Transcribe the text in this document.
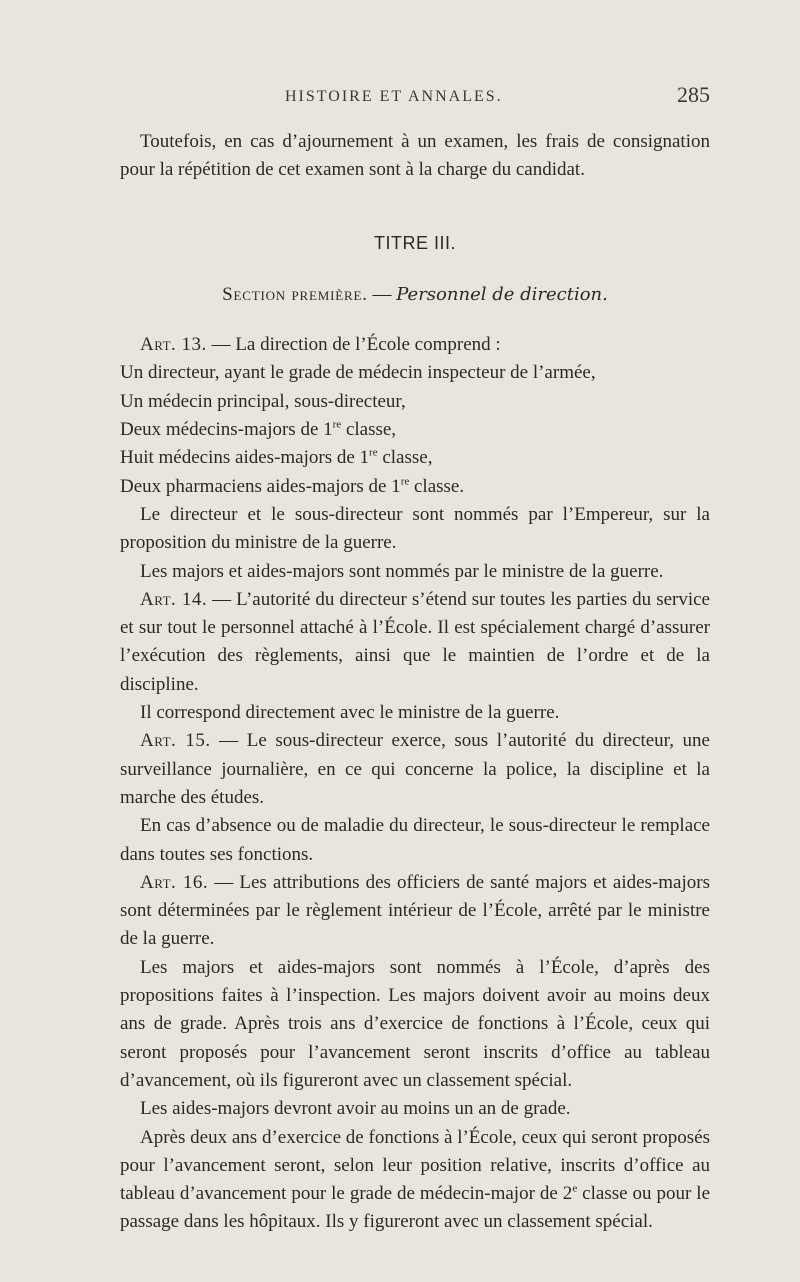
HISTOIRE ET ANNALES.	285

Toutefois, en cas d’ajournement à un examen, les frais de consignation pour la répétition de cet examen sont à la charge du candidat.

TITRE III.

Section première. — Personnel de direction.

Art. 13. — La direction de l’École comprend :

Un directeur, ayant le grade de médecin inspecteur de l’armée,

Un médecin principal, sous-directeur,

Deux médecins-majors de 1re classe,

Huit médecins aides-majors de 1re classe,

Deux pharmaciens aides-majors de 1re classe.

Le directeur et le sous-directeur sont nommés par l’Empereur, sur la proposition du ministre de la guerre.

Les majors et aides-majors sont nommés par le ministre de la guerre.

Art. 14. — L’autorité du directeur s’étend sur toutes les parties du service et sur tout le personnel attaché à l’École. Il est spécialement chargé d’assurer l’exécution des règlements, ainsi que le maintien de l’ordre et de la discipline.

Il correspond directement avec le ministre de la guerre.

Art. 15. — Le sous-directeur exerce, sous l’autorité du directeur, une surveillance journalière, en ce qui concerne la police, la discipline et la marche des études.

En cas d’absence ou de maladie du directeur, le sous-directeur le remplace dans toutes ses fonctions.

Art. 16. — Les attributions des officiers de santé majors et aides-majors sont déterminées par le règlement intérieur de l’École, arrêté par le ministre de la guerre.

Les majors et aides-majors sont nommés à l’École, d’après des propositions faites à l’inspection. Les majors doivent avoir au moins deux ans de grade. Après trois ans d’exercice de fonctions à l’École, ceux qui seront proposés pour l’avancement seront inscrits d’office au tableau d’avancement, où ils figureront avec un classement spécial.

Les aides-majors devront avoir au moins un an de grade.

Après deux ans d’exercice de fonctions à l’École, ceux qui seront proposés pour l’avancement seront, selon leur position relative, inscrits d’office au tableau d’avancement pour le grade de médecin-major de 2e classe ou pour le passage dans les hôpitaux. Ils y figureront avec un classement spécial.
